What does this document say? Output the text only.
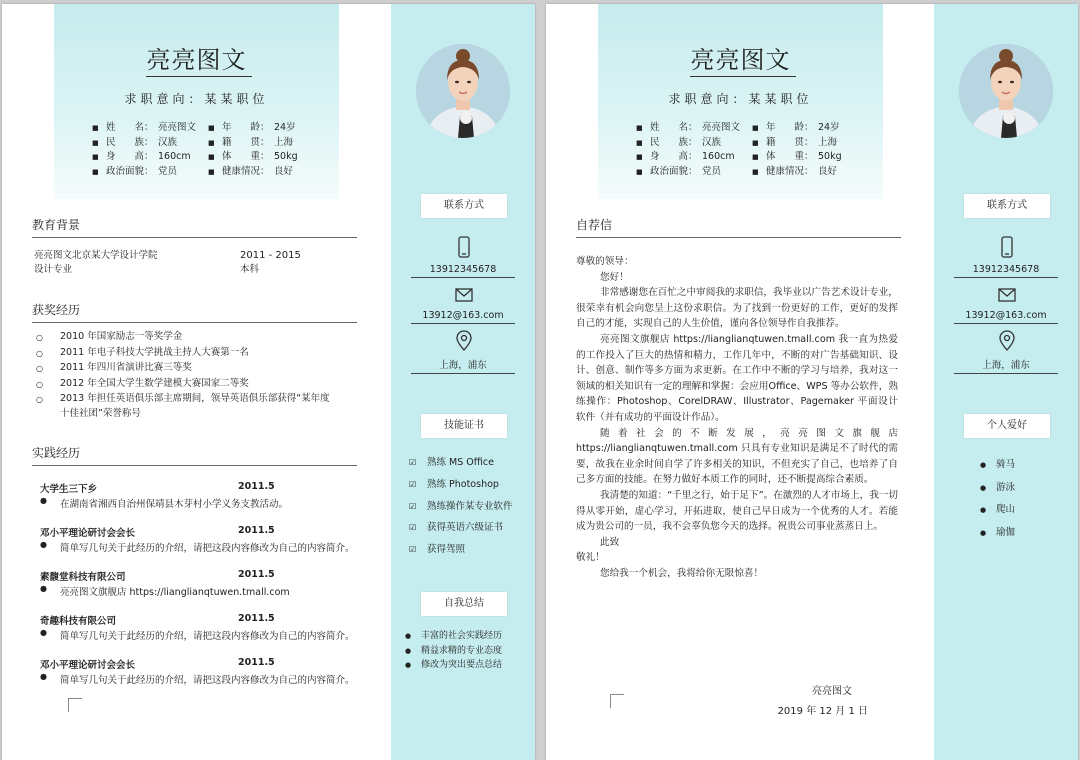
亮亮图文
求职意向：某某职位
■ 姓　　名： 亮亮图文	■ 年　　龄： 24岁
■ 民　　族： 汉族	■ 籍　　贯： 上海
■ 身　　高： 160cm	■ 体　　重： 50kg
■ 政治面貌： 党员	■ 健康情况： 良好
教育背景
亮亮图文北京某大学设计学院	2011 - 2015
设计专业	本科
获奖经历
○	2010 年国家励志一等奖学金
○	2011 年电子科技大学挑战主持人大赛第一名
○	2011 年四川省演讲比赛三等奖
○	2012 年全国大学生数学建模大赛国家二等奖
○	2013 年担任英语俱乐部主席期间，领导英语俱乐部获得“某年度十佳社团”荣誉称号
实践经历
大学生三下乡	2011.5
●	在湖南省湘西自治州保靖县木芽村小学义务支教活动。
邓小平理论研讨会会长	2011.5
●	简单写几句关于此经历的介绍，请把这段内容修改为自己的内容简介。
素馥堂科技有限公司	2011.5
●	亮亮图文旗舰店 https://lianglianqtuwen.tmall.com
奇趣科技有限公司	2011.5
●	简单写几句关于此经历的介绍，请把这段内容修改为自己的内容简介。
邓小平理论研讨会会长	2011.5
●	简单写几句关于此经历的介绍，请把这段内容修改为自己的内容简介。
联系方式
13912345678
13912@163.com
上海，浦东
技能证书
☑ 熟练 MS Office
☑ 熟练 Photoshop
☑ 熟练操作某专业软件
☑ 获得英语六级证书
☑ 获得驾照
自我总结
● 丰富的社会实践经历
● 精益求精的专业态度
● 修改为突出要点总结
亮亮图文
求职意向：某某职位
■ 姓　　名： 亮亮图文	■ 年　　龄： 24岁
■ 民　　族： 汉族	■ 籍　　贯： 上海
■ 身　　高： 160cm	■ 体　　重： 50kg
■ 政治面貌： 党员	■ 健康情况： 良好
自荐信

尊敬的领导：

您好！

非常感谢您在百忙之中审阅我的求职信，我毕业以广告艺术设计专业，很荣幸有机会向您呈上这份求职信。为了找到一份更好的工作，更好的发挥自己的才能，实现自己的人生价值，谨向各位领导作自我推荐。

亮亮图文旗舰店 https://lianglianqtuwen.tmall.com 我一直为热爱的工作投入了巨大的热情和精力，工作几年中，不断的对广告基础知识、设计、创意、制作等多方面为求更新。在工作中不断的学习与培养，我对这一领域的相关知识有一定的理解和掌握：会应用Office、WPS 等办公软件，熟练操作：Photoshop、CorelDRAW、Illustrator、Pagemaker 平面设计软件（并有成功的平面设计作品）。

随着社会的不断发展，亮亮图文旗舰店 https://lianglianqtuwen.tmall.com 只具有专业知识是满足不了时代的需要，故我在业余时间自学了许多相关的知识，不但充实了自己，也培养了自己多方面的技能。在努力做好本质工作的同时，还不断提高综合素质。

我清楚的知道：“千里之行，始于足下”。在激烈的人才市场上，我一切得从零开始，虚心学习，开拓进取，使自己早日成为一个优秀的人才。若能成为贵公司的一员，我不会辜负您今天的选择。祝贵公司事业蒸蒸日上。

此致

敬礼！

您给我一个机会，我将给你无限惊喜！

亮亮图文
2019 年 12 月 1 日
联系方式
13912345678
13912@163.com
上海，浦东
个人爱好
● 骑马
● 游泳
● 爬山
● 瑜伽
